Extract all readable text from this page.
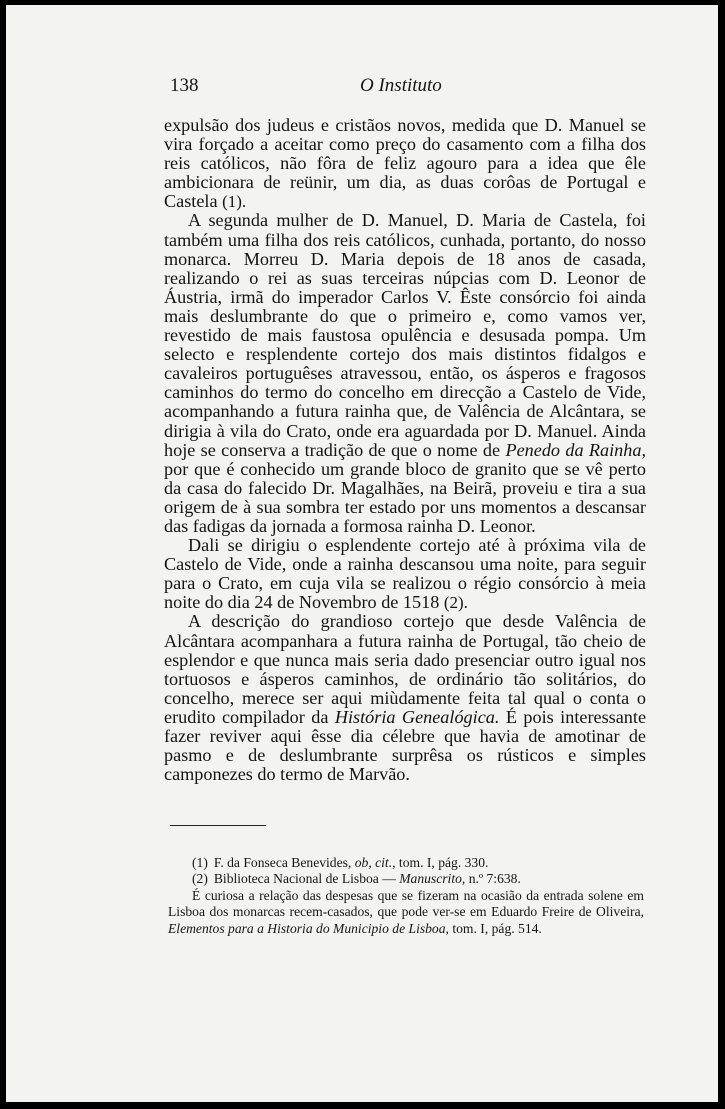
138	O Instituto

expulsão dos judeus e cristãos novos, medida que D. Manuel se vira forçado a aceitar como preço do casamento com a filha dos reis católicos, não fôra de feliz agouro para a idea que êle ambicionara de reünir, um dia, as duas corôas de Portugal e Castela (1).

A segunda mulher de D. Manuel, D. Maria de Castela, foi também uma filha dos reis católicos, cunhada, portanto, do nosso monarca. Morreu D. Maria depois de 18 anos de casada, realizando o rei as suas terceiras núpcias com D. Leonor de Áustria, irmã do imperador Carlos V. Êste consórcio foi ainda mais deslumbrante do que o primeiro e, como vamos ver, revestido de mais faustosa opulência e desusada pompa. Um selecto e resplendente cortejo dos mais distintos fidalgos e cavaleiros portuguêses atravessou, então, os ásperos e fragosos caminhos do termo do concelho em direcção a Castelo de Vide, acompanhando a futura rainha que, de Valência de Alcântara, se dirigia à vila do Crato, onde era aguardada por D. Manuel. Ainda hoje se conserva a tradição de que o nome de Penedo da Rainha, por que é conhecido um grande bloco de granito que se vê perto da casa do falecido Dr. Magalhães, na Beirã, proveiu e tira a sua origem de à sua sombra ter estado por uns momentos a descansar das fadigas da jornada a formosa rainha D. Leonor.

Dali se dirigiu o esplendente cortejo até à próxima vila de Castelo de Vide, onde a rainha descansou uma noite, para seguir para o Crato, em cuja vila se realizou o régio consórcio à meia noite do dia 24 de Novembro de 1518 (2).

A descrição do grandioso cortejo que desde Valência de Alcântara acompanhara a futura rainha de Portugal, tão cheio de esplendor e que nunca mais seria dado presenciar outro igual nos tortuosos e ásperos caminhos, de ordinário tão solitários, do concelho, merece ser aqui miùdamente feita tal qual o conta o erudito compilador da História Genealógica. É pois interessante fazer reviver aqui êsse dia célebre que havia de amotinar de pasmo e de deslumbrante surprêsa os rústicos e simples camponezes do termo de Marvão.

(1) F. da Fonseca Benevides, ob, cit., tom. I, pág. 330.

(2) Biblioteca Nacional de Lisboa — Manuscrito, n.º 7:638.

É curiosa a relação das despesas que se fizeram na ocasião da entrada solene em Lisboa dos monarcas recem-casados, que pode ver-se em Eduardo Freire de Oliveira, Elementos para a Historia do Municipio de Lisboa, tom. I, pág. 514.
